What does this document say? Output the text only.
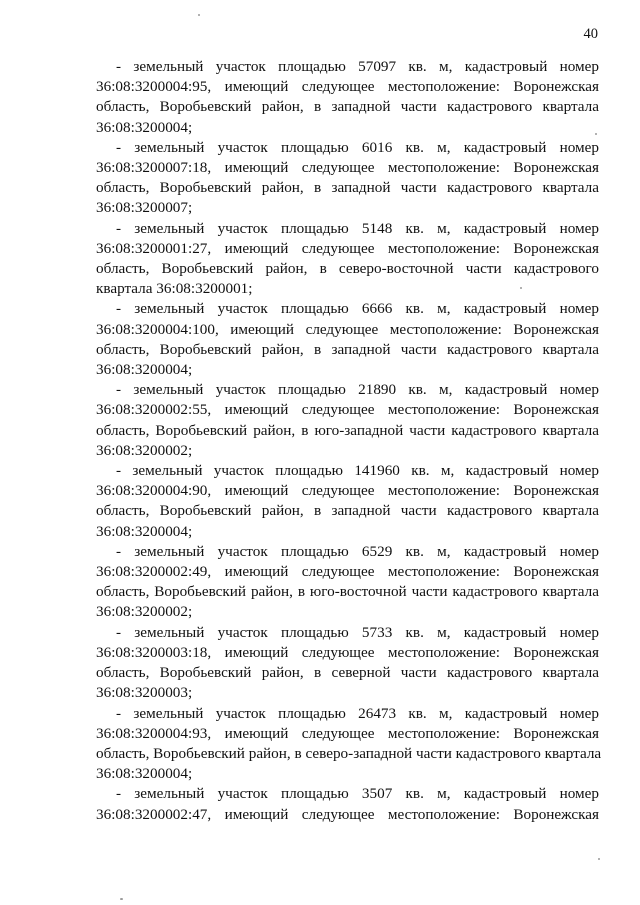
40

- земельный участок площадью 57097 кв. м, кадастровый номер
36:08:3200004:95, имеющий следующее местоположение: Воронежская
область, Воробьевский район, в западной части кадастрового квартала
36:08:3200004;

- земельный участок площадью 6016 кв. м, кадастровый номер
36:08:3200007:18, имеющий следующее местоположение: Воронежская
область, Воробьевский район, в западной части кадастрового квартала
36:08:3200007;

- земельный участок площадью 5148 кв. м, кадастровый номер
36:08:3200001:27, имеющий следующее местоположение: Воронежская
область, Воробьевский район, в северо-восточной части кадастрового
квартала 36:08:3200001;

- земельный участок площадью 6666 кв. м, кадастровый номер
36:08:3200004:100, имеющий следующее местоположение: Воронежская
область, Воробьевский район, в западной части кадастрового квартала
36:08:3200004;

- земельный участок площадью 21890 кв. м, кадастровый номер
36:08:3200002:55, имеющий следующее местоположение: Воронежская
область, Воробьевский район, в юго-западной части кадастрового квартала
36:08:3200002;

- земельный участок площадью 141960 кв. м, кадастровый номер
36:08:3200004:90, имеющий следующее местоположение: Воронежская
область, Воробьевский район, в западной части кадастрового квартала
36:08:3200004;

- земельный участок площадью 6529 кв. м, кадастровый номер
36:08:3200002:49, имеющий следующее местоположение: Воронежская
область, Воробьевский район, в юго-восточной части кадастрового квартала
36:08:3200002;

- земельный участок площадью 5733 кв. м, кадастровый номер
36:08:3200003:18, имеющий следующее местоположение: Воронежская
область, Воробьевский район, в северной части кадастрового квартала
36:08:3200003;

- земельный участок площадью 26473 кв. м, кадастровый номер
36:08:3200004:93, имеющий следующее местоположение: Воронежская
область, Воробьевский район, в северо-западной части кадастрового квартала
36:08:3200004;

- земельный участок площадью 3507 кв. м, кадастровый номер
36:08:3200002:47, имеющий следующее местоположение: Воронежская
